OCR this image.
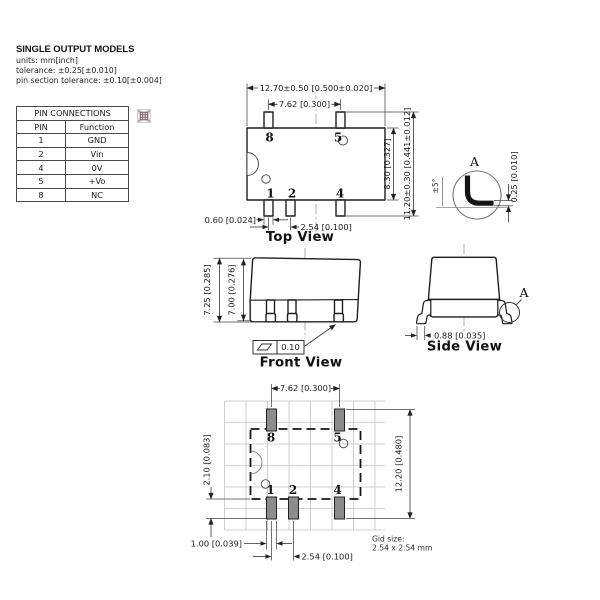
SINGLE OUTPUT MODELS
units: mm[inch]
tolerance: ±0.25[±0.010]
pin section tolerance: ±0.10[±0.004]
PIN CONNECTIONS	
PIN	Function
1	GND
2	Vin
4	0V
5	+Vo
8	NC
8	5
1 2	4
12.70±0.50 [0.500±0.020]
7.62 [0.300]
8.30 [0.327] 11.20±0.30 [0.441±0.012]
0.60 [0.024]
2.54 [0.100]
Top View
A	0.25 [0.010]
±5°
7.25 [0.285] 7.00 [0.276]
0.10
Front View
A
0.88 [0.035]
Side View
8	5
1 2	4
7.62 [0.300]
12.20 [0.480]
2.10 [0.083]
1.00 [0.039]
2.54 [0.100]
Gid size:
2.54 x 2.54 mm
